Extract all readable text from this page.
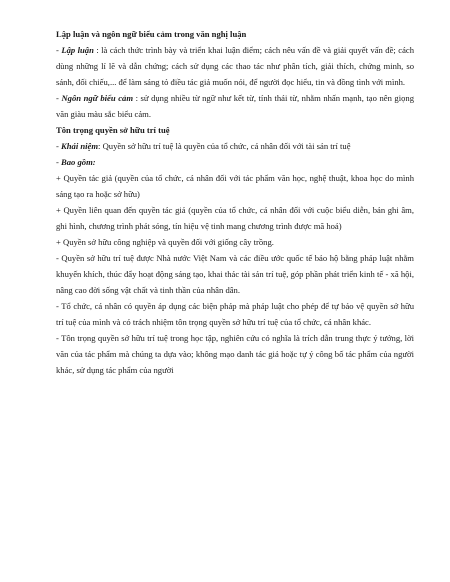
Lập luận và ngôn ngữ biểu cảm trong văn nghị luận

- Lập luận : là cách thức trình bày và triển khai luận điểm; cách nêu vấn đề và giải quyết vấn đề; cách dùng những lí lẽ và dẫn chứng; cách sử dụng các thao tác như phân tích, giải thích, chứng minh, so sánh, đối chiếu,... để làm sáng tỏ điều tác giả muốn nói, để người đọc hiểu, tin và đồng tình với mình.

- Ngôn ngữ biểu cảm : sử dụng nhiều từ ngữ như kết từ, tính thái từ, nhằm nhấn mạnh, tạo nên giọng văn giàu màu sắc biểu cảm.

Tôn trọng quyền sở hữu trí tuệ

- Khái niệm: Quyền sở hữu trí tuệ là quyền của tổ chức, cá nhân đối với tài sản trí tuệ

- Bao gồm:

+ Quyền tác giả (quyền của tổ chức, cá nhân đối với tác phẩm văn học, nghệ thuật, khoa học do mình sáng tạo ra hoặc sở hữu)

+ Quyền liên quan đến quyền tác giả (quyền của tổ chức, cá nhân đối với cuộc biểu diễn, bản ghi âm, ghi hình, chương trình phát sóng, tín hiệu vệ tinh mang chương trình được mã hoá)

+ Quyền sở hữu công nghiệp và quyền đối với giống cây trồng.

- Quyền sở hữu trí tuệ được Nhà nước Việt Nam và các điều ước quốc tế bảo hộ bằng pháp luật nhằm khuyến khích, thúc đẩy hoạt động sáng tạo, khai thác tài sản trí tuệ, góp phần phát triển kinh tế - xã hội, nâng cao đời sống vật chất và tinh thần của nhân dân.

- Tổ chức, cá nhân có quyền áp dụng các biện pháp mà pháp luật cho phép để tự bảo vệ quyền sở hữu trí tuệ của mình và có trách nhiệm tôn trọng quyền sở hữu trí tuệ của tổ chức, cá nhân khác.

- Tôn trọng quyền sở hữu trí tuệ trong học tập, nghiên cứu có nghĩa là trích dẫn trung thực ý tưởng, lời văn của tác phẩm mà chúng ta dựa vào; không mạo danh tác giả hoặc tự ý công bố tác phẩm của người khác, sử dụng tác phẩm của người
